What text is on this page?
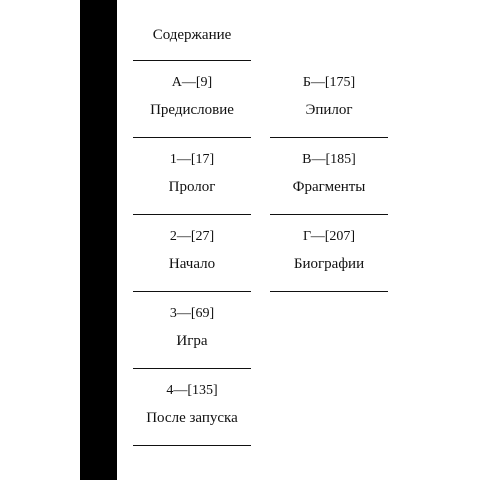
Содержание
А—[9]
Предисловие
1—[17]
Пролог
2—[27]
Начало
3—[69]
Игра
4—[135]
После запуска
Б—[175]
Эпилог
В—[185]
Фрагменты
Г—[207]
Биографии
